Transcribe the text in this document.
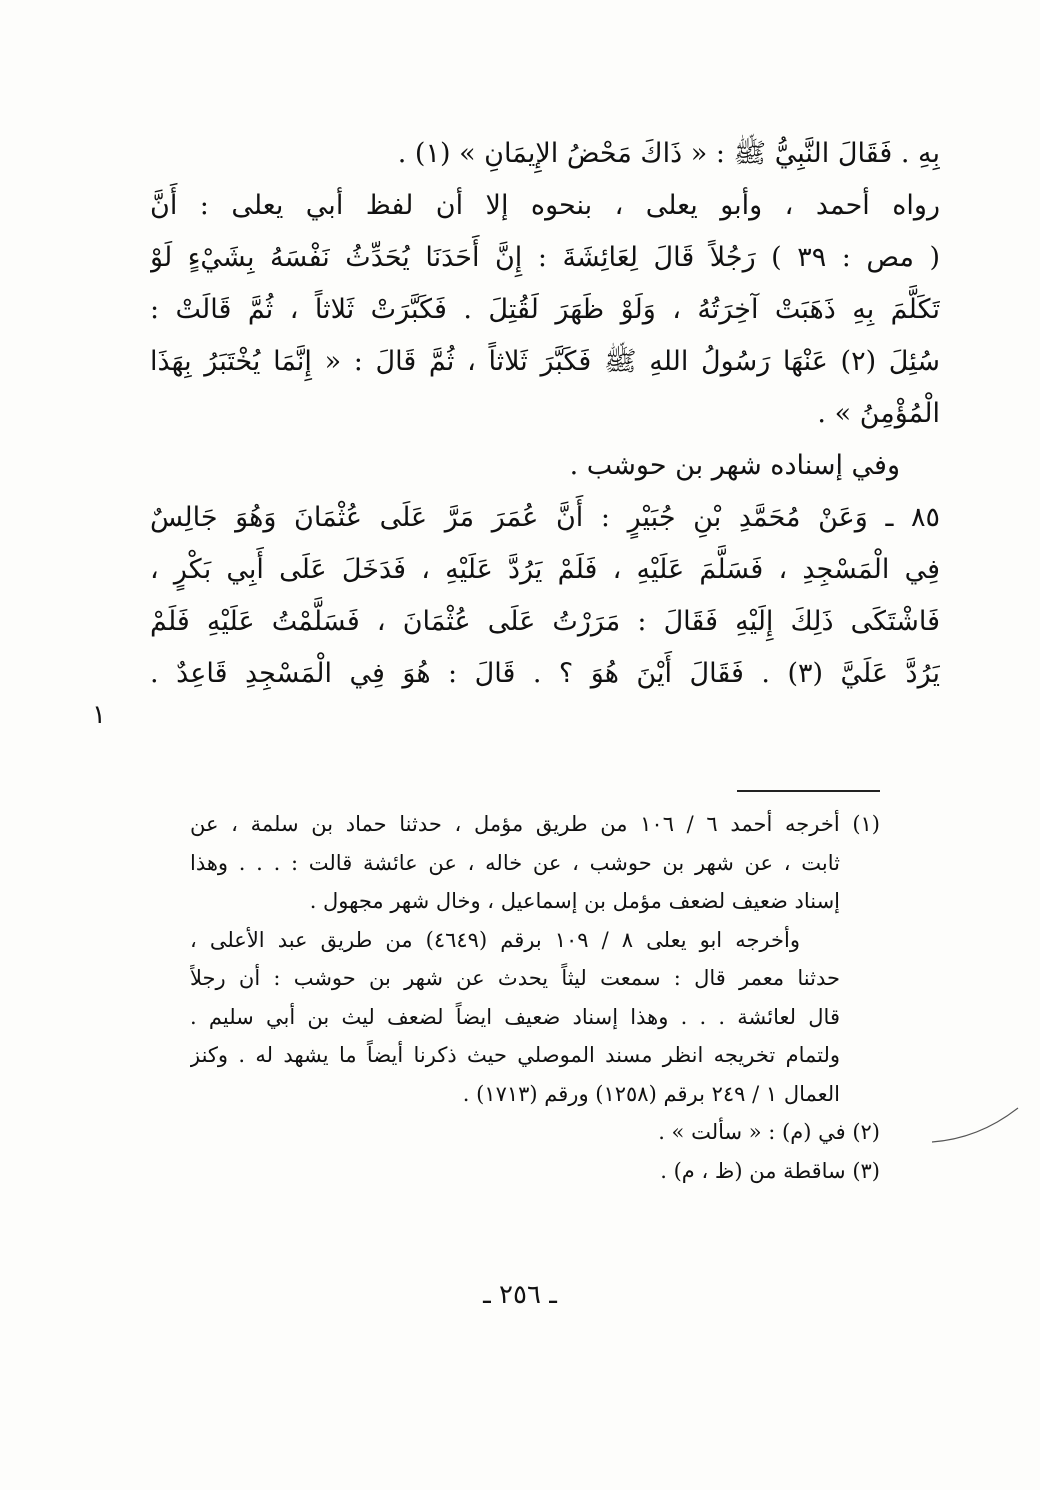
بِهِ . فَقَالَ النَّبِيُّ ﷺ : « ذَاكَ مَحْضُ الإِيمَانِ » (١) .
رواه أحمد ، وأبو يعلى ، بنحوه إلا أن لفظ أبي يعلى : أَنَّ
( مص : ٣٩ ) رَجُلاً قَالَ لِعَائِشَةَ : إِنَّ أَحَدَنَا يُحَدِّثُ نَفْسَهُ بِشَيْءٍ لَوْ
تَكَلَّمَ بِهِ ذَهَبَتْ آخِرَتُهُ ، وَلَوْ ظَهَرَ لَقُتِلَ . فَكَبَّرَتْ ثَلاثاً ، ثُمَّ قَالَتْ :
سُئِلَ (٢) عَنْهَا رَسُولُ اللهِ ﷺ فَكَبَّرَ ثَلاثاً ، ثُمَّ قَالَ : « إِنَّمَا يُخْتَبَرُ بِهَذَا
الْمُؤْمِنُ » .
وفي إسناده شهر بن حوشب .
٨٥ ـ وَعَنْ مُحَمَّدِ بْنِ جُبَيْرٍ : أَنَّ عُمَرَ مَرَّ عَلَى عُثْمَانَ وَهُوَ جَالِسٌ
فِي الْمَسْجِدِ ، فَسَلَّمَ عَلَيْهِ ، فَلَمْ يَرُدَّ عَلَيْهِ ، فَدَخَلَ عَلَى أَبِي بَكْرٍ ،
فَاشْتَكَى ذَلِكَ إِلَيْهِ فَقَالَ : مَرَرْتُ عَلَى عُثْمَانَ ، فَسَلَّمْتُ عَلَيْهِ فَلَمْ
يَرُدَّ عَلَيَّ (٣) . فَقَالَ أَيْنَ هُوَ ؟ . قَالَ : هُوَ فِي الْمَسْجِدِ قَاعِدٌ .
١
(١) أخرجه أحمد ٦ / ١٠٦ من طريق مؤمل ، حدثنا حماد بن سلمة ، عن
ثابت ، عن شهر بن حوشب ، عن خاله ، عن عائشة قالت : . . . وهذا
إسناد ضعيف لضعف مؤمل بن إسماعيل ، وخال شهر مجهول .
وأخرجه ابو يعلى ٨ / ١٠٩ برقم (٤٦٤٩) من طريق عبد الأعلى ،
حدثنا معمر قال : سمعت ليثاً يحدث عن شهر بن حوشب : أن رجلاً
قال لعائشة . . . وهذا إسناد ضعيف ايضاً لضعف ليث بن أبي سليم .
ولتمام تخريجه انظر مسند الموصلي حيث ذكرنا أيضاً ما يشهد له . وكنز
العمال ١ / ٢٤٩ برقم (١٢٥٨) ورقم (١٧١٣) .
(٢) في (م) : « سألت » .
(٣) ساقطة من (ظ ، م) .
ـ ٢٥٦ ـ
